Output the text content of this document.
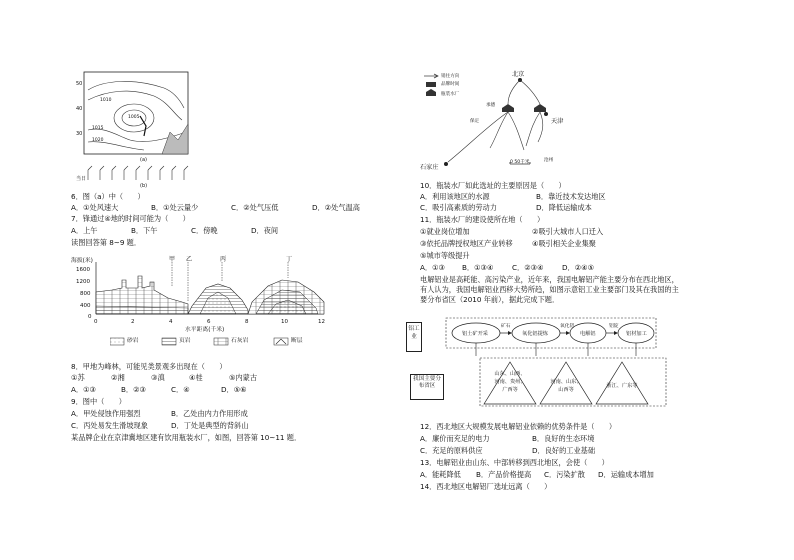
50
40
30
1005
1010
1015
1020
(a)
当日
(b)
6．图（a）中（　　）
A．①处风速大	B．①处云量少	C．②处气压低	D．②处气温高
7．锋通过④地的时间可能为（　　）
A．上午	B．下午	C．傍晚	D．夜间
读图回答第 8~9 题．
海拔(米)
1600
1200
800
400
0
甲 乙	丙	丁
0	2	4	6	8	10	12
水平距离(千米)
砂岩	页岩	石灰岩	断层
8．甲地为峰林，可能见类景观多出现在（　　）
①苏	②湘	③滇	④桂	⑤内蒙古
A．①③	B．②③	C．④	D．⑤⑥
9．图中（　　）
A．甲处侵蚀作用强烈	B．乙处由内力作用形成
C．丙处易发生滑坡现象	D．丁处是典型的背斜山
某品牌企业在京津冀地区建有饮用瓶装水厂，如图，回答第 10~11 题．
销往方向
品牌时间
瓶装水厂
北京
天津
石家庄
保定
承德
0 50千米	沧州
10．瓶装水厂如此选址的主要原因是（　　）
A．利用该地区的水源	B．靠近技术发达地区
C．吸引高素质的劳动力	D．降低运输成本
11．瓶装水厂的建设使所在地（　　）
①就业岗位增加	②吸引大城市人口迁入
③依托品牌授权地区产业转移	④吸引相关企业集聚
⑤城市等级提升
A．①③ B．①③④	C．②③④	D．②④⑤
电解铝业是高耗能、高污染产业，近年来，我国电解铝产能主要分布在西北地区，有人认为，我国电解铝业西移大势所趋，如图示意铝工业主要部门及其在我国的主要分布省区（2010 年前），据此完成下题．
铝工业	铝土矿开采	氧化铝提炼	电解铝	铝材加工
矿石	氧化铝	铝锭
我国主要分布省区
山东、山西、河南、贵州、广西等
河南、山东、山西等
浙江、广东等
12．西北地区大规模发展电解铝业依赖的优势条件是（　　）
A．廉价而充足的电力	B．良好的生态环境
C．充足的原料供应	D．良好的工业基础
13．电解铝业由山东、中部转移到西北地区，会使（　　）
A．能耗降低 B．产品价格提高 C．污染扩散 D．运输成本增加
14．西北地区电解铝厂选址远离（　　）
